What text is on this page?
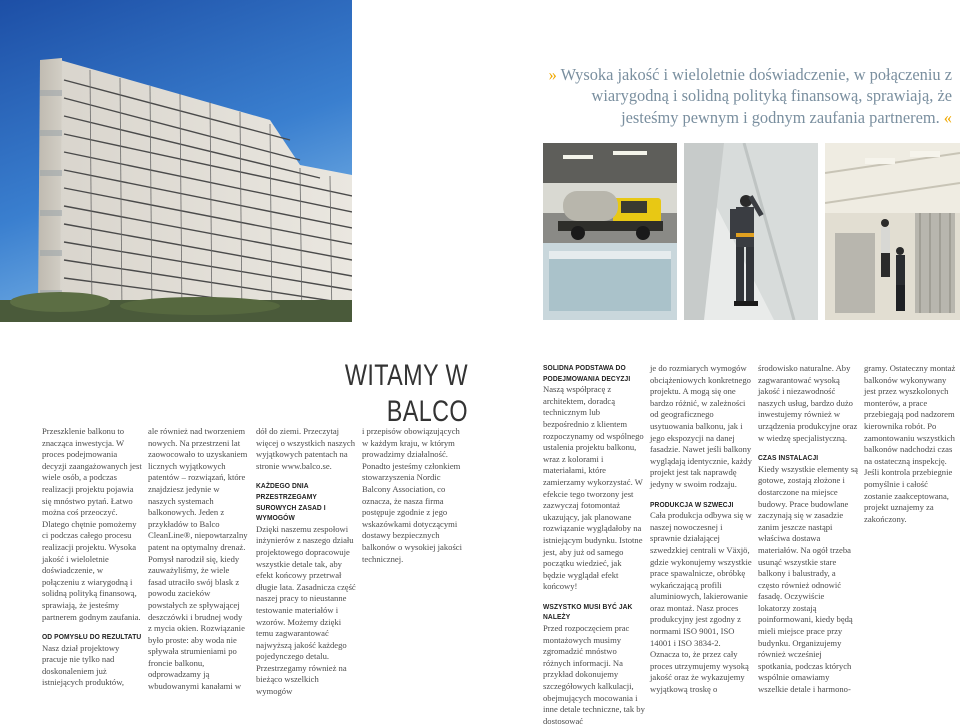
» Wysoka jakość i wieloletnie doświadczenie, w połączeniu z wiarygodną i solidną polityką finansową, sprawiają, że jesteśmy pewnym i godnym zaufania partnerem. «
WITAMY W BALCO

Przeszklenie balkonu to znacząca inwestycja. W proces podejmowania decyzji zaangażowanych jest wiele osób, a podczas realizacji projektu pojawia się mnóstwo pytań. Łatwo można coś przeoczyć. Dlatego chętnie pomożemy ci podczas całego procesu realizacji projektu. Wysoka jakość i wieloletnie doświadczenie, w połączeniu z wiarygodną i solidną polityką finansową, sprawiają, że jesteśmy partnerem godnym zaufania.

OD POMYSŁU DO REZULTATU

Nasz dział projektowy pracuje nie tylko nad doskonaleniem już istniejących produktów,

ale również nad tworzeniem nowych. Na przestrzeni lat zaowocowało to uzyskaniem licznych wyjątkowych patentów – rozwiązań, które znajdziesz jedynie w naszych systemach balkonowych. Jeden z przykładów to Balco CleanLine®, niepowtarzalny patent na optymalny drenaż. Pomysł narodził się, kiedy zauważyliśmy, że wiele fasad utraciło swój blask z powodu zacieków powstałych ze spływającej deszczówki i brudnej wody z mycia okien. Rozwiązanie było proste: aby woda nie spływała strumieniami po froncie balkonu, odprowadzamy ją wbudowanymi kanałami w

dół do ziemi. Przeczytaj więcej o wszystkich naszych wyjątkowych patentach na stronie www.balco.se.

KAŻDEGO DNIA PRZESTRZEGAMY SUROWYCH ZASAD I WYMOGÓW

Dzięki naszemu zespołowi inżynierów z naszego działu projektowego dopracowuje wszystkie detale tak, aby efekt końcowy przetrwał długie lata. Zasadnicza część naszej pracy to nieustanne testowanie materiałów i wzorów. Możemy dzięki temu zagwarantować najwyższą jakość każdego pojedynczego detalu. Przestrzegamy również na bieżąco wszelkich wymogów

i przepisów obowiązujących w każdym kraju, w którym prowadzimy działalność. Ponadto jesteśmy członkiem stowarzyszenia Nordic Balcony Association, co oznacza, że nasza firma postępuje zgodnie z jego wskazówkami dotyczącymi dostawy bezpiecznych balkonów o wysokiej jakości technicznej.

SOLIDNA PODSTAWA DO PODEJMOWANIA DECYZJI

Naszą współpracę z architektem, doradcą technicznym lub bezpośrednio z klientem rozpoczynamy od wspólnego ustalenia projektu balkonu, wraz z kolorami i materiałami, które zamierzamy wykorzystać. W efekcie tego tworzony jest zazwyczaj fotomontaż ukazujący, jak planowane rozwiązanie wyglądałoby na istniejącym budynku. Istotne jest, aby już od samego początku wiedzieć, jak będzie wyglądał efekt końcowy!

WSZYSTKO MUSI BYĆ JAK NALEŻY

Przed rozpoczęciem prac montażowych musimy zgromadzić mnóstwo różnych informacji. Na przykład dokonujemy szczegółowych kalkulacji, obejmujących mocowania i inne detale techniczne, tak by dostosować

je do rozmiarych wymogów obciążeniowych konkretnego projektu. A mogą się one bardzo różnić, w zależności od geograficznego usytuowania balkonu, jak i jego ekspozycji na danej fasadzie. Nawet jeśli balkony wyglądają identycznie, każdy projekt jest tak naprawdę jedyny w swoim rodzaju.

PRODUKCJA W SZWECJI

Cała produkcja odbywa się w naszej nowoczesnej i sprawnie działającej szwedzkiej centrali w Växjö, gdzie wykonujemy wszystkie prace spawalnicze, obróbkę wykańczającą profili aluminiowych, lakierowanie oraz montaż. Nasz proces produkcyjny jest zgodny z normami ISO 9001, ISO 14001 i ISO 3834-2. Oznacza to, że przez cały proces utrzymujemy wysoką jakość oraz że wykazujemy wyjątkową troskę o

środowisko naturalne. Aby zagwarantować wysoką jakość i niezawodność naszych usług, bardzo dużo inwestujemy również w urządzenia produkcyjne oraz w wiedzę specjalistyczną.

CZAS INSTALACJI

Kiedy wszystkie elementy są gotowe, zostają złożone i dostarczone na miejsce budowy. Prace budowlane zaczynają się w zasadzie zanim jeszcze nastąpi właściwa dostawa materiałów. Na ogół trzeba usunąć wszystkie stare balkony i balustrady, a często również odnowić fasadę. Oczywiście lokatorzy zostają poinformowani, kiedy będą mieli miejsce prace przy budynku. Organizujemy również wcześniej spotkania, podczas których wspólnie omawiamy wszelkie detale i harmono-

gramy. Ostateczny montaż balkonów wykonywany jest przez wyszkolonych monterów, a prace przebiegają pod nadzorem kierownika robót. Po zamontowaniu wszystkich balkonów nadchodzi czas na ostateczną inspekcję. Jeśli kontrola przebiegnie pomyślnie i całość zostanie zaakceptowana, projekt uznajemy za zakończony.
